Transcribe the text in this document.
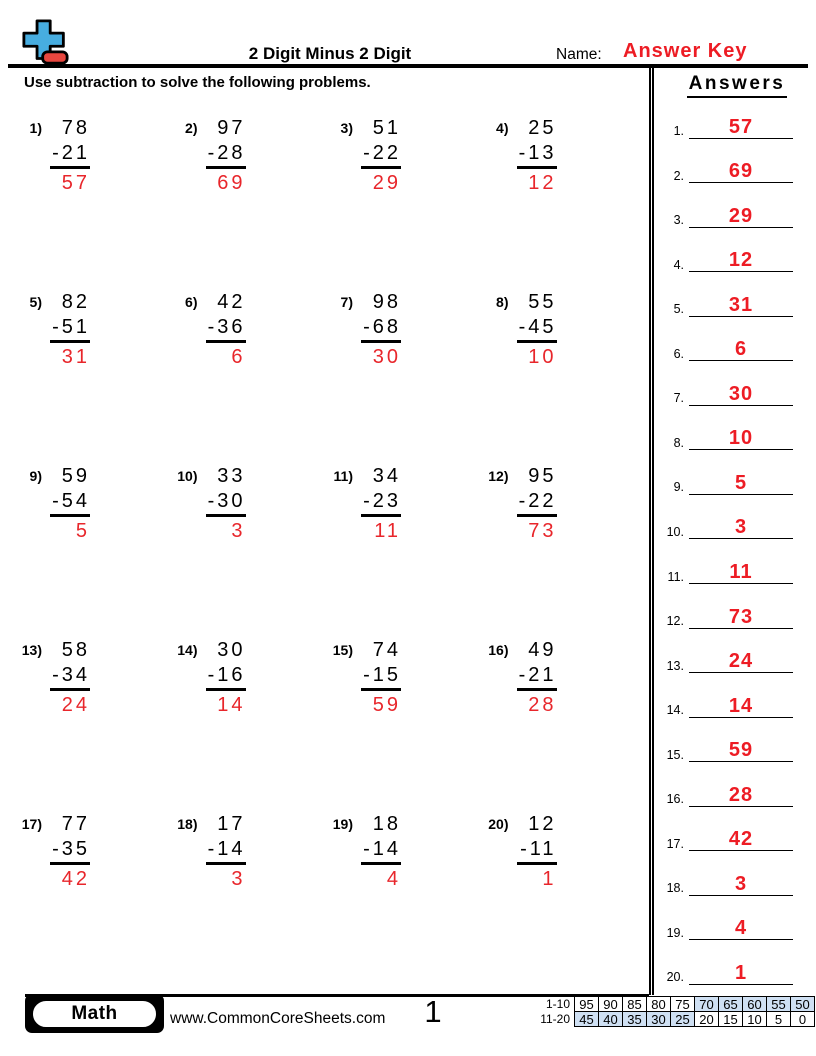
2 Digit Minus 2 Digit	Name: Answer Key
Use subtraction to solve the following problems.
1) 78
-21
57
2) 97
-28
69
3) 51
-22
29
4) 25
-13
12
5) 82
-51
31
6) 42
-36
6
7) 98
-68
30
8) 55
-45
10
9) 59
-54
5
10) 33
-30
3
11) 34
-23
11
12) 95
-22
73
13) 58
-34
24
14) 30
-16
14
15) 74
-15
59
16) 49
-21
28
17) 77
-35
42
18) 17
-14
3
19) 18
-14
4
20) 12
-11
1
Answers
1.	57
2.	69
3.	29
4.	12
5.	31
6.	6
7.	30
8.	10
9.	5
10.	3
11.	11
12.	73
13.	24
14.	14
15.	59
16.	28
17.	42
18.	3
19.	4
20.	1
Math	www.CommonCoreSheets.com	1	1-10	95	90	85	80	75	70	65	60	55	50
11-20	45	40	35	30	25	20	15	10	5	0
